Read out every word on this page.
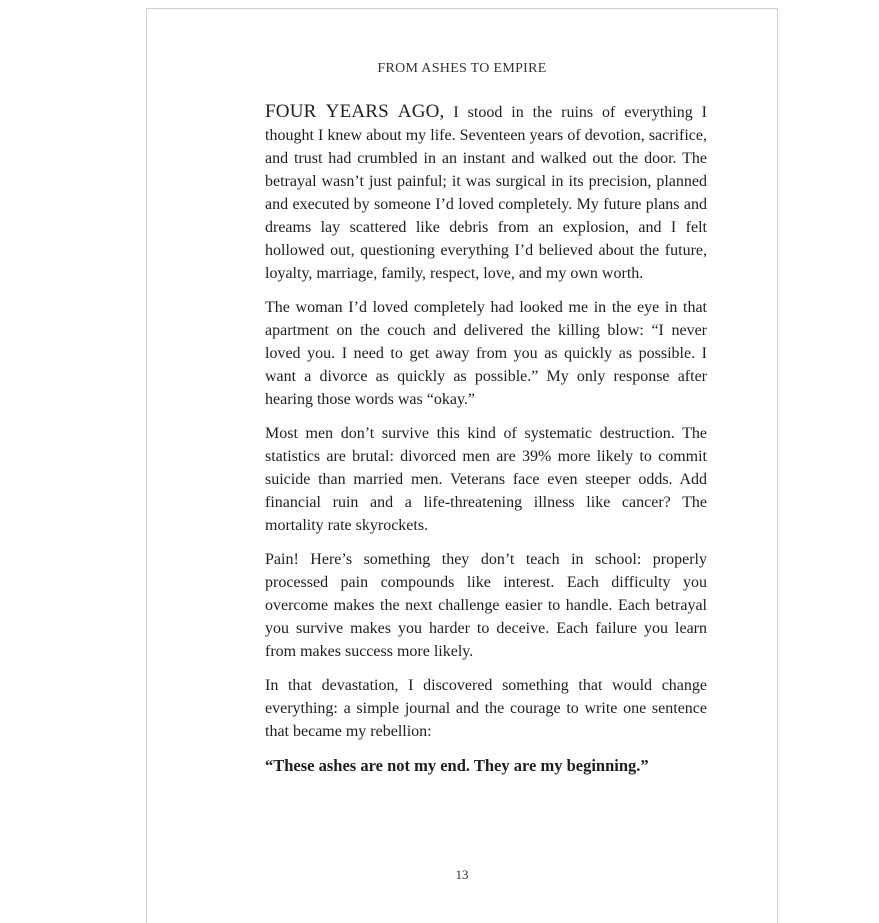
FROM ASHES TO EMPIRE

FOUR YEARS AGO, I stood in the ruins of everything I thought I knew about my life. Seventeen years of devotion, sacrifice, and trust had crumbled in an instant and walked out the door. The betrayal wasn’t just painful; it was surgical in its precision, planned and executed by someone I’d loved completely. My future plans and dreams lay scattered like debris from an explosion, and I felt hollowed out, questioning everything I’d believed about the future, loyalty, marriage, family, respect, love, and my own worth.

The woman I’d loved completely had looked me in the eye in that apartment on the couch and delivered the killing blow: “I never loved you. I need to get away from you as quickly as possible. I want a divorce as quickly as possible.” My only response after hearing those words was “okay.”

Most men don’t survive this kind of systematic destruction. The statistics are brutal: divorced men are 39% more likely to commit suicide than married men. Veterans face even steeper odds. Add financial ruin and a life-threatening illness like cancer? The mortality rate skyrockets.

Pain! Here’s something they don’t teach in school: properly processed pain compounds like interest. Each difficulty you overcome makes the next challenge easier to handle. Each betrayal you survive makes you harder to deceive. Each failure you learn from makes success more likely.

In that devastation, I discovered something that would change everything: a simple journal and the courage to write one sentence that became my rebellion:

“These ashes are not my end. They are my beginning.”

13
